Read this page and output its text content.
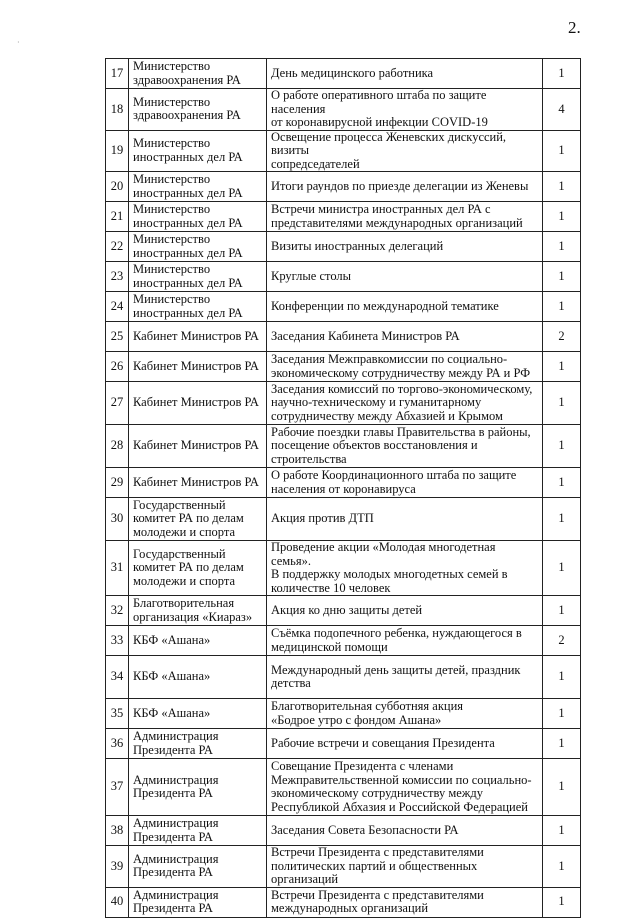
2.
·
17	Министерство
здравоохранения РА	День медицинского работника	1
18	Министерство
здравоохранения РА	О работе оперативного штаба по защите населения
от коронавирусной инфекции COVID-19	4
19	Министерство
иностранных дел РА	Освещение процесса Женевских дискуссий, визиты
сопредседателей	1
20	Министерство
иностранных дел РА	Итоги раундов по приезде делегации из Женевы	1
21	Министерство
иностранных дел РА	Встречи министра иностранных дел РА с
представителями международных организаций	1
22	Министерство
иностранных дел РА	Визиты иностранных делегаций	1
23	Министерство
иностранных дел РА	Круглые столы	1
24	Министерство
иностранных дел РА	Конференции по международной тематике	1
25	Кабинет Министров РА	Заседания Кабинета Министров РА	2
26	Кабинет Министров РА	Заседания Межправкомиссии по социально-
экономическому сотрудничеству между РА и РФ	1
27	Кабинет Министров РА	Заседания комиссий по торгово-экономическому,
научно-техническому и гуманитарному
сотрудничеству между Абхазией и Крымом	1
28	Кабинет Министров РА	Рабочие поездки главы Правительства в районы,
посещение объектов восстановления и
строительства	1
29	Кабинет Министров РА	О работе Координационного штаба по защите
населения от коронавируса	1
30	Государственный
комитет РА по делам
молодежи и спорта	Акция против ДТП	1
31	Государственный
комитет РА по делам
молодежи и спорта	Проведение акции «Молодая многодетная семья».
В поддержку молодых многодетных семей в
количестве 10 человек	1
32	Благотворительная
организация «Киараз»	Акция ко дню защиты детей	1
33	КБФ «Ашана»	Съёмка подопечного ребенка, нуждающегося в
медицинской помощи	2
34	КБФ «Ашана»	Международный день защиты детей, праздник
детства	1
35	КБФ «Ашана»	Благотворительная субботняя акция
«Бодрое утро с фондом Ашана»	1
36	Администрация
Президента РА	Рабочие встречи и совещания Президента	1
37	Администрация
Президента РА	Совещание Президента с членами
Межправительственной комиссии по социально-
экономическому сотрудничеству между
Республикой Абхазия и Российской Федерацией	1
38	Администрация
Президента РА	Заседания Совета Безопасности РА	1
39	Администрация
Президента РА	Встречи Президента с представителями
политических партий и общественных организаций	1
40	Администрация
Президента РА	Встречи Президента с представителями
международных организаций	1
